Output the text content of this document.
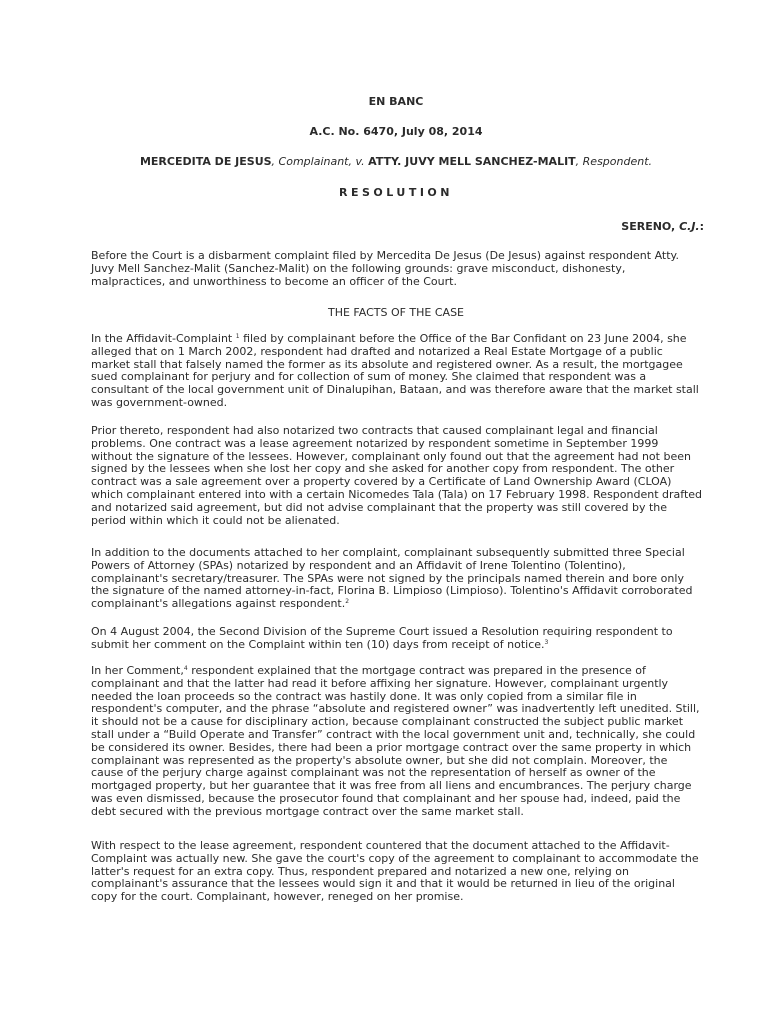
EN BANC
A.C. No. 6470, July 08, 2014
MERCEDITA DE JESUS, Complainant, v. ATTY. JUVY MELL SANCHEZ-MALIT, Respondent.
RESOLUTION
SERENO, C.J.:

Before the Court is a disbarment complaint filed by Mercedita De Jesus (De Jesus) against respondent Atty. Juvy Mell Sanchez-Malit (Sanchez-Malit) on the following grounds: grave misconduct, dishonesty, malpractices, and unworthiness to become an officer of the Court.

THE FACTS OF THE CASE

In the Affidavit-Complaint $^1$ filed by complainant before the Office of the Bar Confidant on 23 June 2004, she alleged that on 1 March 2002, respondent had drafted and notarized a Real Estate Mortgage of a public market stall that falsely named the former as its absolute and registered owner. As a result, the mortgagee sued complainant for perjury and for collection of sum of money. She claimed that respondent was a consultant of the local government unit of Dinalupihan, Bataan, and was therefore aware that the market stall was government-owned.

Prior thereto, respondent had also notarized two contracts that caused complainant legal and financial problems. One contract was a lease agreement notarized by respondent sometime in September 1999 without the signature of the lessees. However, complainant only found out that the agreement had not been signed by the lessees when she lost her copy and she asked for another copy from respondent. The other contract was a sale agreement over a property covered by a Certificate of Land Ownership Award (CLOA) which complainant entered into with a certain Nicomedes Tala (Tala) on 17 February 1998. Respondent drafted and notarized said agreement, but did not advise complainant that the property was still covered by the period within which it could not be alienated.

In addition to the documents attached to her complaint, complainant subsequently submitted three Special Powers of Attorney (SPAs) notarized by respondent and an Affidavit of Irene Tolentino (Tolentino), complainant's secretary/treasurer. The SPAs were not signed by the principals named therein and bore only the signature of the named attorney-in-fact, Florina B. Limpioso (Limpioso). Tolentino's Affidavit corroborated complainant's allegations against respondent.$^2$

On 4 August 2004, the Second Division of the Supreme Court issued a Resolution requiring respondent to submit her comment on the Complaint within ten (10) days from receipt of notice.$^3$

In her Comment,$^4$ respondent explained that the mortgage contract was prepared in the presence of complainant and that the latter had read it before affixing her signature. However, complainant urgently needed the loan proceeds so the contract was hastily done. It was only copied from a similar file in respondent's computer, and the phrase “absolute and registered owner” was inadvertently left unedited. Still, it should not be a cause for disciplinary action, because complainant constructed the subject public market stall under a “Build Operate and Transfer” contract with the local government unit and, technically, she could be considered its owner. Besides, there had been a prior mortgage contract over the same property in which complainant was represented as the property's absolute owner, but she did not complain. Moreover, the cause of the perjury charge against complainant was not the representation of herself as owner of the mortgaged property, but her guarantee that it was free from all liens and encumbrances. The perjury charge was even dismissed, because the prosecutor found that complainant and her spouse had, indeed, paid the debt secured with the previous mortgage contract over the same market stall.

With respect to the lease agreement, respondent countered that the document attached to the Affidavit-Complaint was actually new. She gave the court's copy of the agreement to complainant to accommodate the latter's request for an extra copy. Thus, respondent prepared and notarized a new one, relying on complainant's assurance that the lessees would sign it and that it would be returned in lieu of the original copy for the court. Complainant, however, reneged on her promise.
